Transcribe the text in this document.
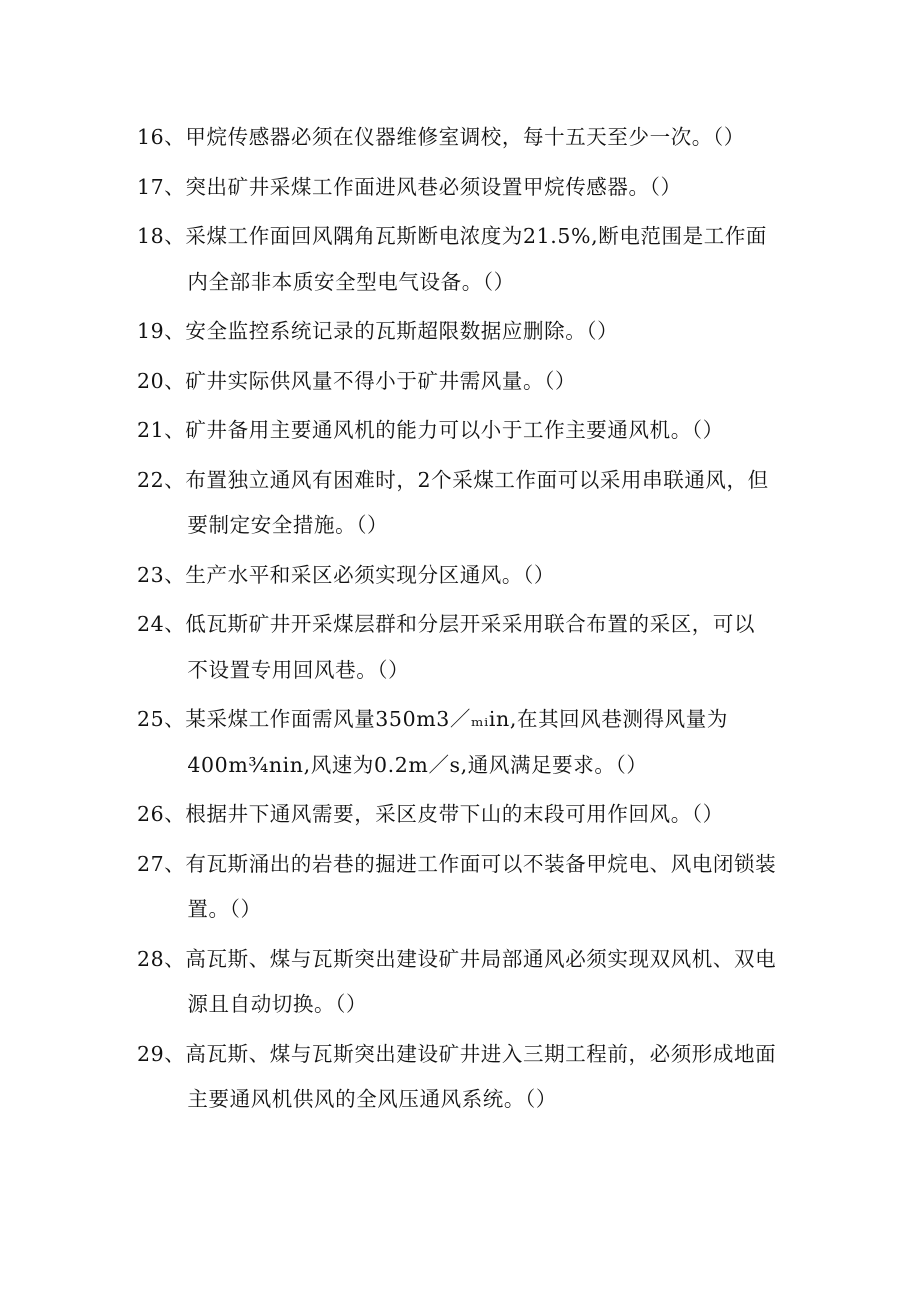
16、 甲烷传感器必须在仪器维修室调校，每十五天至少一次。（）
17、 突出矿井采煤工作面进风巷必须设置甲烷传感器。（）
18、 采煤工作面回风隅角瓦斯断电浓度为21.5%,断电范围是工作面
内全部非本质安全型电气设备。（）
19、 安全监控系统记录的瓦斯超限数据应删除。（）
20、 矿井实际供风量不得小于矿井需风量。（）
21、 矿井备用主要通风机的能力可以小于工作主要通风机。（）
22、 布置独立通风有困难时，2个采煤工作面可以采用串联通风，但
要制定安全措施。（）
23、 生产水平和采区必须实现分区通风。（）
24、 低瓦斯矿井开采煤层群和分层开采采用联合布置的采区，可以
不设置专用回风巷。（）
25、 某采煤工作面需风量350m3／ₘᵢin,在其回风巷测得风量为
400m¾nin,风速为0.2m／s,通风满足要求。（）
26、 根据井下通风需要，采区皮带下山的末段可用作回风。（）
27、 有瓦斯涌出的岩巷的掘进工作面可以不装备甲烷电、风电闭锁装
置。（）
28、 高瓦斯、煤与瓦斯突出建设矿井局部通风必须实现双风机、双电
源且自动切换。（）
29、 高瓦斯、煤与瓦斯突出建设矿井进入三期工程前，必须形成地面
主要通风机供风的全风压通风系统。（）
